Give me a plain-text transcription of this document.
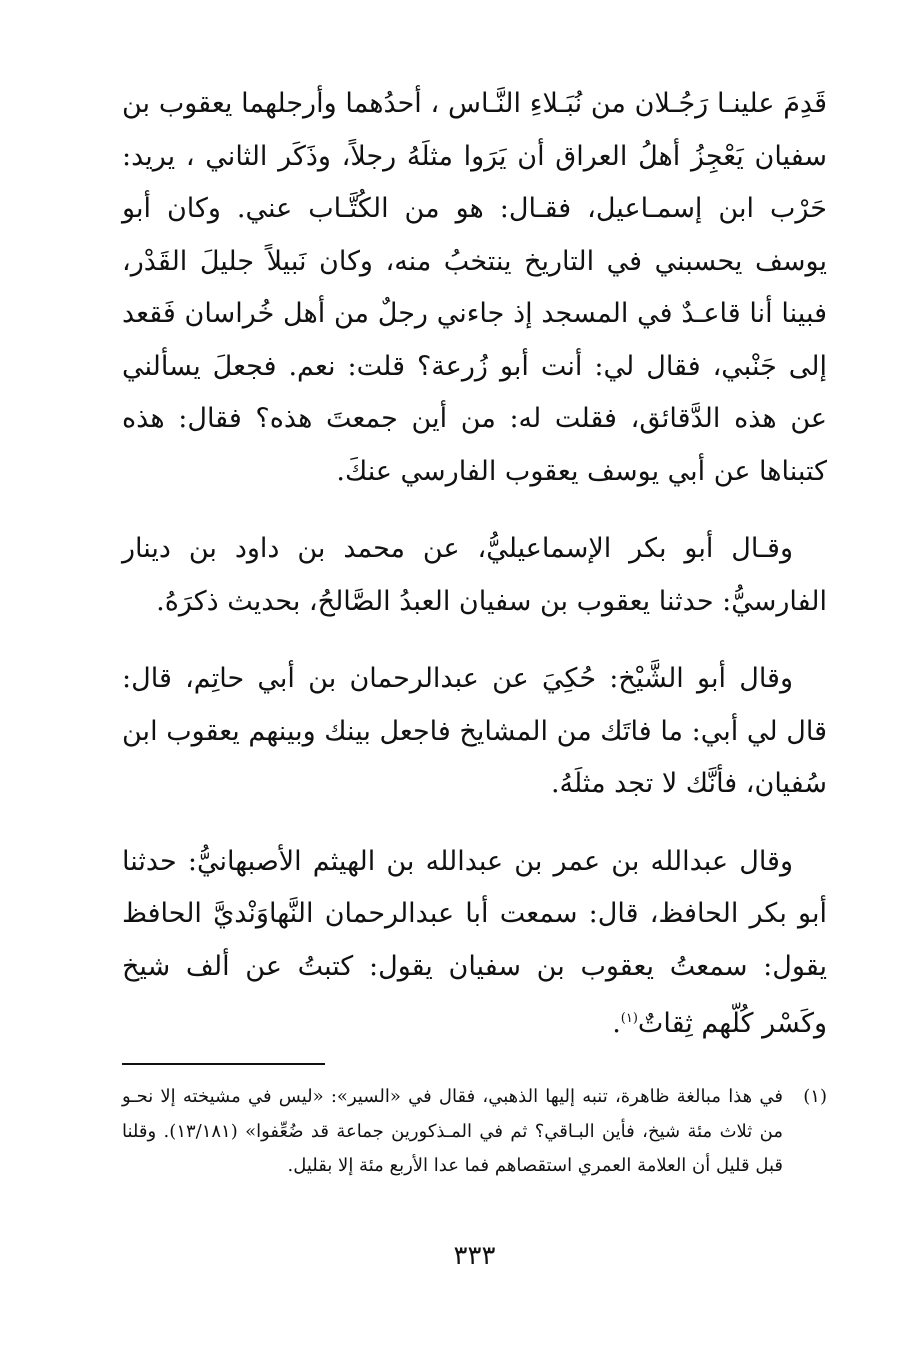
قَدِمَ علينـا رَجُـلان من نُبَـلاءِ النَّـاس ، أحدُهما وأرجلهما يعقوب بن سفيان يَعْجِزُ أهلُ العراق أن يَرَوا مثلَهُ رجلاً، وذَكَر الثاني ، يريد: حَرْب ابن إسمـاعيل، فقـال: هو من الكُتَّـاب عني. وكان أبو يوسف يحسبني في التاريخ ينتخبُ منه، وكان نَبيلاً جليلَ القَدْر، فبينا أنا قاعـدٌ في المسجد إذ جاءني رجلٌ من أهل خُراسان فَقعد إلى جَنْبي، فقال لي: أنت أبو زُرعة؟ قلت: نعم. فجعلَ يسألني عن هذه الدَّقائق، فقلت له: من أين جمعتَ هذه؟ فقال: هذه كتبناها عن أبي يوسف يعقوب الفارسي عنكَ.

وقـال أبو بكر الإسماعيليُّ، عن محمد بن داود بن دينار الفارسيُّ: حدثنا يعقوب بن سفيان العبدُ الصَّالحُ، بحديث ذكرَهُ.

وقال أبو الشَّيْخ: حُكِيَ عن عبدالرحمان بن أبي حاتِم، قال: قال لي أبي: ما فاتَك من المشايخ فاجعل بينك وبينهم يعقوب ابن سُفيان، فأنَّك لا تجد مثلَهُ.

وقال عبدالله بن عمر بن عبدالله بن الهيثم الأصبهانيُّ: حدثنا أبو بكر الحافظ، قال: سمعت أبا عبدالرحمان النَّهاوَنْديَّ الحافظ يقول: سمعتُ يعقوب بن سفيان يقول: كتبتُ عن ألف شيخ وكَسْر كُلّهم ثِقاتٌ$^{(١)}$.

(١)
في هذا مبالغة ظاهرة، تنبه إليها الذهبي، فقال في «السير»: «ليس في مشيخته إلا نحـو من ثلاث مئة شيخ، فأين البـاقي؟ ثم في المـذكورين جماعة قد ضُعِّفوا» (١٣/١٨١). وقلنا قبل قليل أن العلامة العمري استقصاهم فما عدا الأربع مئة إلا بقليل.
٣٣٣
